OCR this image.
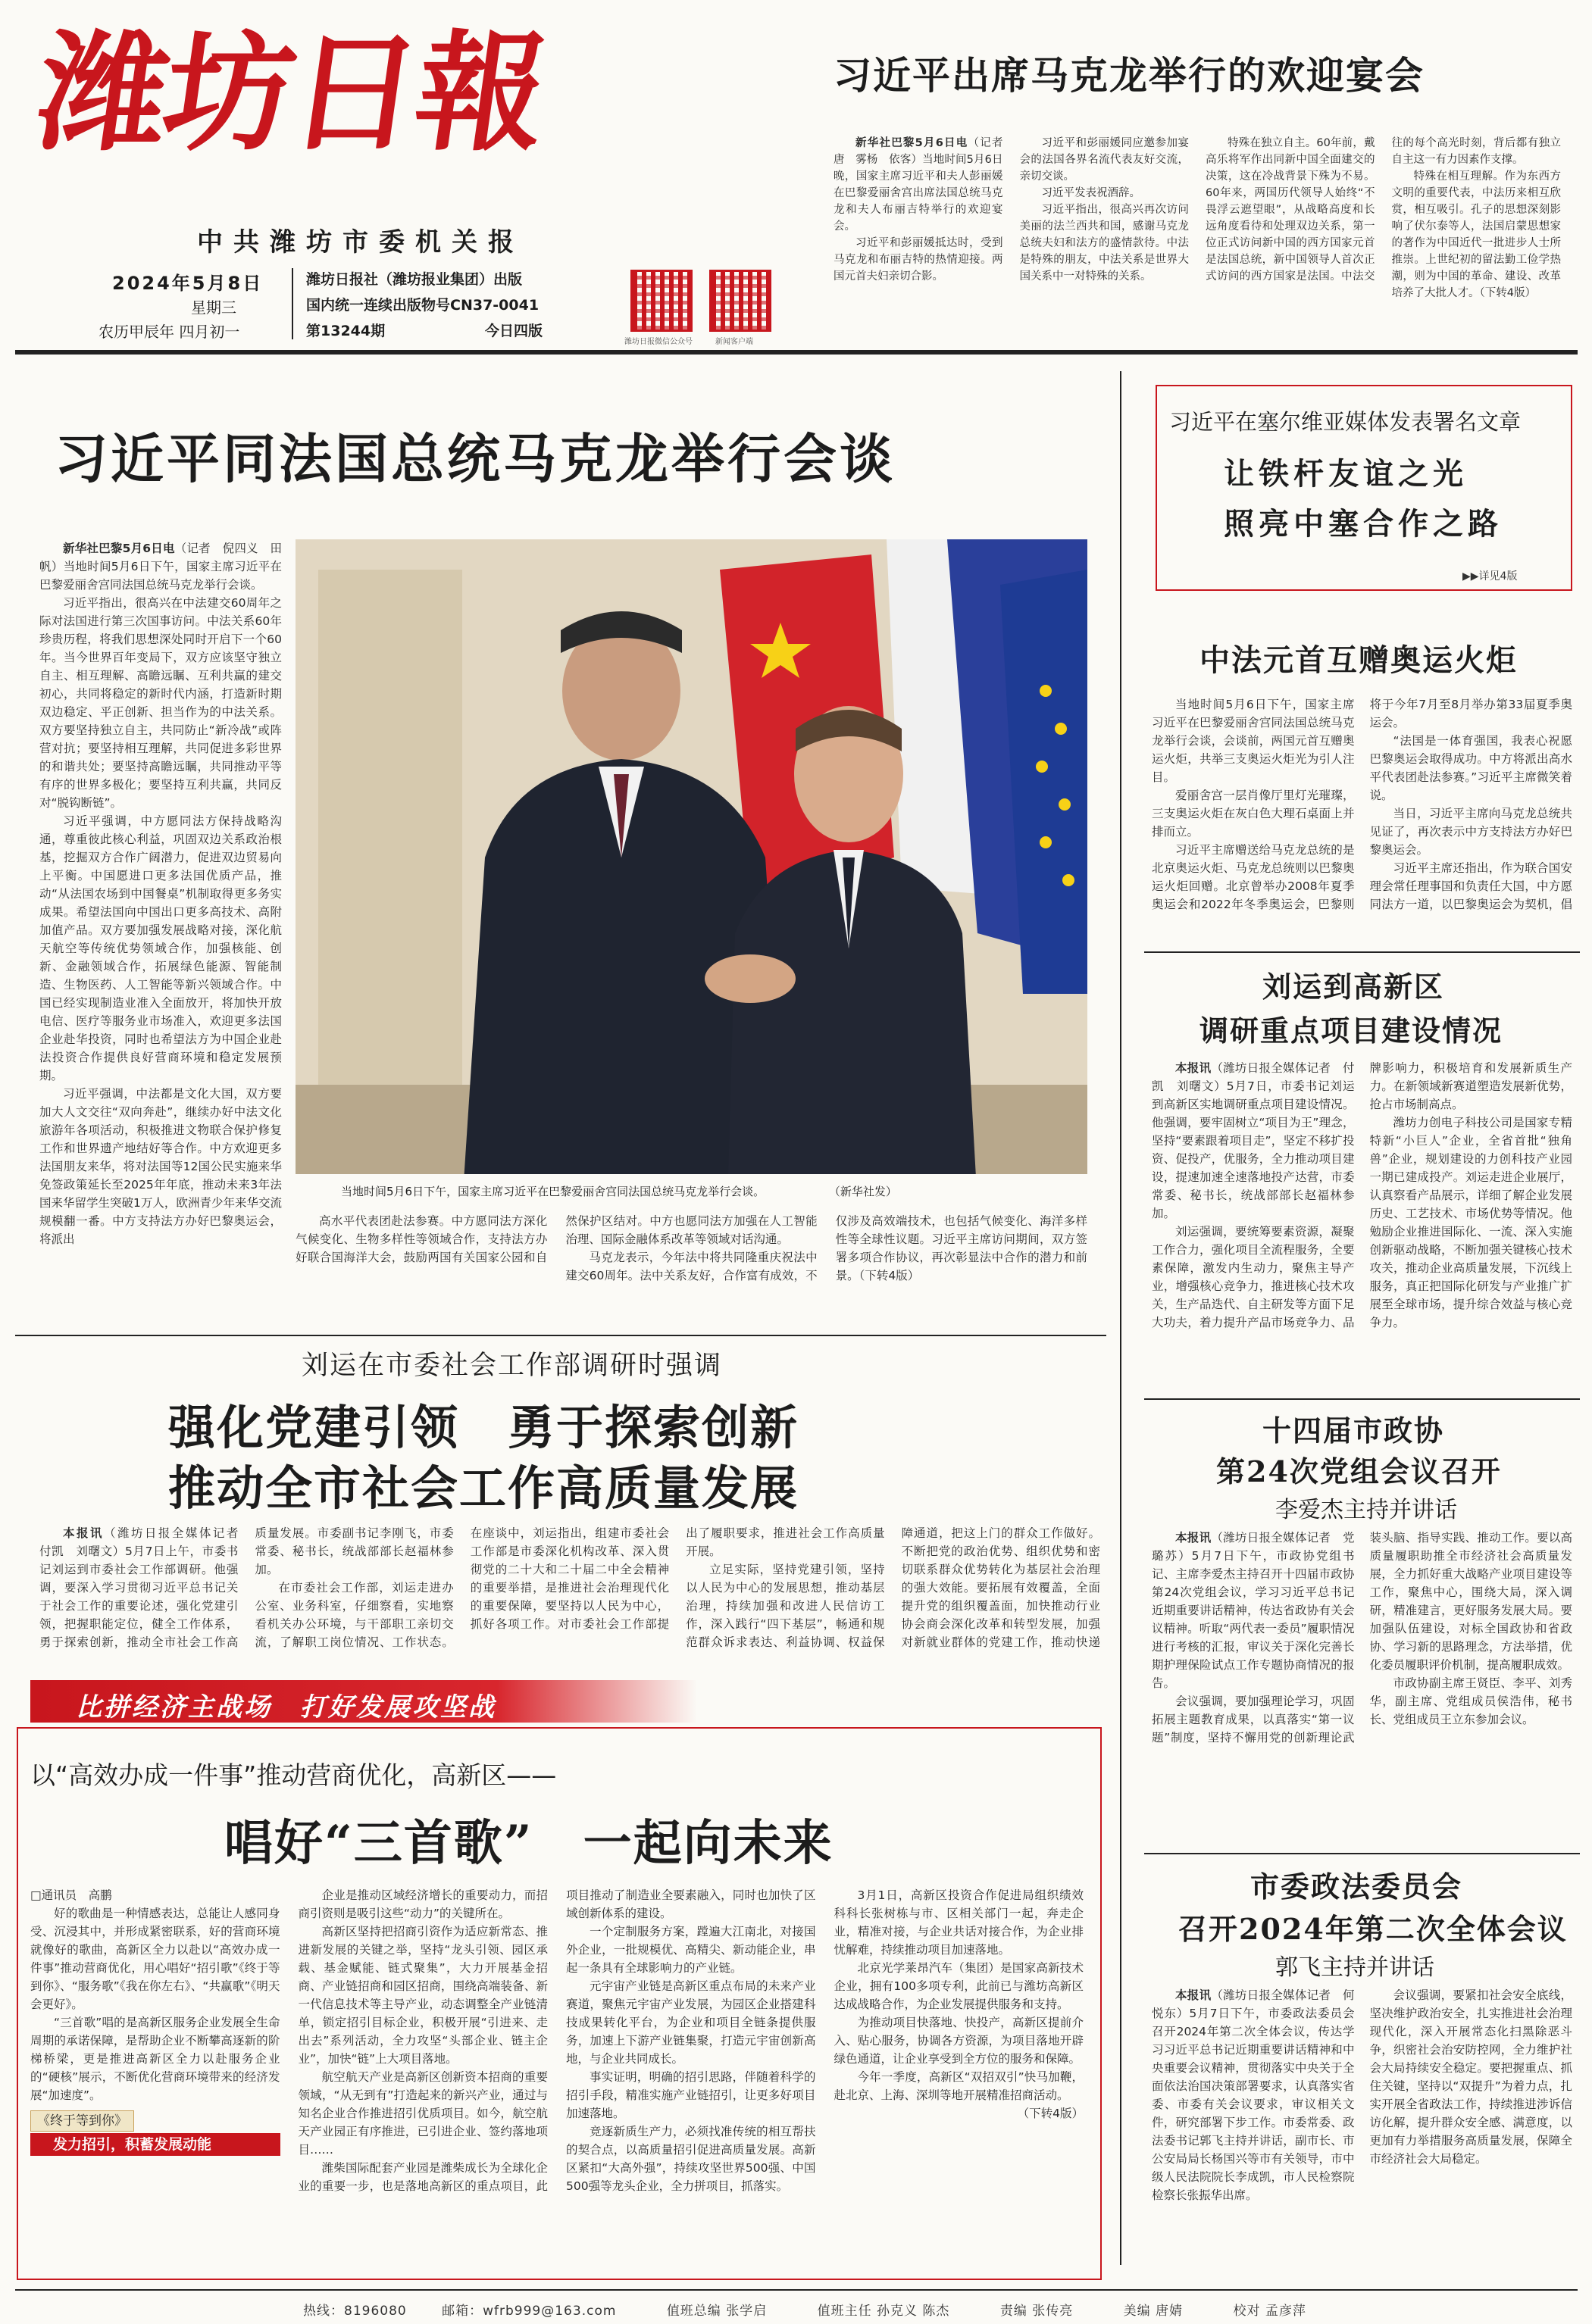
潍坊日報
中共潍坊市委机关报
2024年5月8日
星期三
农历甲辰年 四月初一
潍坊日报社（潍坊报业集团）出版
国内统一连续出版物号CN37-0041
第13244期	今日四版
潍坊日报微信公众号	新闻客户端
习近平出席马克龙举行的欢迎宴会

新华社巴黎5月6日电（记者　唐　雾杨　依客）当地时间5月6日晚，国家主席习近平和夫人彭丽媛在巴黎爱丽舍宫出席法国总统马克龙和夫人布丽吉特举行的欢迎宴会。

习近平和彭丽媛抵达时，受到马克龙和布丽吉特的热情迎接。两国元首夫妇亲切合影。

习近平和彭丽媛同应邀参加宴会的法国各界名流代表友好交流，亲切交谈。

习近平发表祝酒辞。

习近平指出，很高兴再次访问美丽的法兰西共和国，感谢马克龙总统夫妇和法方的盛情款待。中法是特殊的朋友，中法关系是世界大国关系中一对特殊的关系。

特殊在独立自主。60年前，戴高乐将军作出同新中国全面建交的决策，这在冷战背景下殊为不易。60年来，两国历代领导人始终“不畏浮云遮望眼”，从战略高度和长远角度看待和处理双边关系，第一位正式访问新中国的西方国家元首是法国总统，新中国领导人首次正式访问的西方国家是法国。中法交往的每个高光时刻，背后都有独立自主这一有力因素作支撑。

特殊在相互理解。作为东西方文明的重要代表，中法历来相互欣赏，相互吸引。孔子的思想深刻影响了伏尔泰等人，法国启蒙思想家的著作为中国近代一批进步人士所推崇。上世纪初的留法勤工俭学热潮，则为中国的革命、建设、改革培养了大批人才。（下转4版）

习近平同法国总统马克龙举行会谈

新华社巴黎5月6日电（记者　倪四义　田帆）当地时间5月6日下午，国家主席习近平在巴黎爱丽舍宫同法国总统马克龙举行会谈。

习近平指出，很高兴在中法建交60周年之际对法国进行第三次国事访问。中法关系60年珍贵历程，将我们思想深处同时开启下一个60年。当今世界百年变局下，双方应该坚守独立自主、相互理解、高瞻远瞩、互利共赢的建交初心，共同将稳定的新时代内涵，打造新时期双边稳定、平正创新、担当作为的中法关系。双方要坚持独立自主，共同防止“新冷战”或阵营对抗；要坚持相互理解，共同促进多彩世界的和谐共处；要坚持高瞻远瞩，共同推动平等有序的世界多极化；要坚持互利共赢，共同反对“脱钩断链”。

习近平强调，中方愿同法方保持战略沟通，尊重彼此核心利益，巩固双边关系政治根基，挖掘双方合作广阔潜力，促进双边贸易向上平衡。中国愿进口更多法国优质产品，推动“从法国农场到中国餐桌”机制取得更多务实成果。希望法国向中国出口更多高技术、高附加值产品。双方要加强发展战略对接，深化航天航空等传统优势领域合作，加强核能、创新、金融领域合作，拓展绿色能源、智能制造、生物医药、人工智能等新兴领域合作。中国已经实现制造业准入全面放开，将加快开放电信、医疗等服务业市场准入，欢迎更多法国企业赴华投资，同时也希望法方为中国企业赴法投资合作提供良好营商环境和稳定发展预期。

习近平强调，中法都是文化大国，双方要加大人文交往“双向奔赴”，继续办好中法文化旅游年各项活动，积极推进文物联合保护修复工作和世界遗产地结好等合作。中方欢迎更多法国朋友来华，将对法国等12国公民实施来华免签政策延长至2025年年底，推动未来3年法国来华留学生突破1万人，欧洲青少年来华交流规模翻一番。中方支持法方办好巴黎奥运会，将派出

当地时间5月6日下午，国家主席习近平在巴黎爱丽舍宫同法国总统马克龙举行会谈。	（新华社发）

高水平代表团赴法参赛。中方愿同法方深化气候变化、生物多样性等领域合作，支持法方办好联合国海洋大会，鼓励两国有关国家公园和自然保护区结对。中方也愿同法方加强在人工智能治理、国际金融体系改革等领域对话沟通。

马克龙表示，今年法中将共同隆重庆祝法中建交60周年。法中关系友好，合作富有成效，不仅涉及高效端技术，也包括气候变化、海洋多样性等全球性议题。习近平主席访问期间，双方签署多项合作协议，再次彰显法中合作的潜力和前景。（下转4版）

刘运在市委社会工作部调研时强调
强化党建引领　勇于探索创新
推动全市社会工作高质量发展

本报讯（潍坊日报全媒体记者　付凯　刘曙文）5月7日上午，市委书记刘运到市委社会工作部调研。他强调，要深入学习贯彻习近平总书记关于社会工作的重要论述，强化党建引领，把握职能定位，健全工作体系，勇于探索创新，推动全市社会工作高质量发展。市委副书记李刚飞，市委常委、秘书长，统战部部长赵福林参加。

在市委社会工作部，刘运走进办公室、业务科室，仔细察看，实地察看机关办公环境，与干部职工亲切交流，了解职工岗位情况、工作状态。在座谈中，刘运指出，组建市委社会工作部是市委深化机构改革、深入贯彻党的二十大和二十届二中全会精神的重要举措，是推进社会治理现代化的重要保障，要坚持以人民为中心，抓好各项工作。对市委社会工作部提出了履职要求，推进社会工作高质量开展。

立足实际，坚持党建引领，坚持以人民为中心的发展思想，推动基层治理，持续加强和改进人民信访工作，深入践行“四下基层”，畅通和规范群众诉求表达、利益协调、权益保障通道，把这上门的群众工作做好。不断把党的政治优势、组织优势和密切联系群众优势转化为基层社会治理的强大效能。要拓展有效覆盖，全面提升党的组织覆盖面，加快推动行业协会商会深化改革和转型发展，加强对新就业群体的党建工作，推动快递

比拼经济主战场　打好发展攻坚战
以“高效办成一件事”推动营商优化，高新区——
唱好“三首歌”　一起向未来

□通讯员　高鹏

好的歌曲是一种情感表达，总能让人感同身受、沉浸其中，并形成紧密联系，好的营商环境就像好的歌曲，高新区全力以赴以“高效办成一件事”推动营商优化，用心唱好“招引歌”《终于等到你》、“服务歌”《我在你左右》、“共赢歌”《明天会更好》。

“三首歌”唱的是高新区服务企业发展全生命周期的承诺保障，是帮助企业不断攀高逐新的阶梯桥梁，更是推进高新区全力以赴服务企业的“硬核”展示，不断优化营商环境带来的经济发展“加速度”。

《终于等到你》
发力招引，积蓄发展动能

企业是推动区域经济增长的重要动力，而招商引资则是吸引这些“动力”的关键所在。

高新区坚持把招商引资作为适应新常态、推进新发展的关键之举，坚持“龙头引领、园区承载、基金赋能、链式聚集”，大力开展基金招商、产业链招商和园区招商，围绕高端装备、新一代信息技术等主导产业，动态调整全产业链清单，锁定招引目标企业，积极开展“引进来、走出去”系列活动，全力攻坚“头部企业、链主企业”，加快“链”上大项目落地。

航空航天产业是高新区创新资本招商的重要领域，“从无到有”打造起来的新兴产业，通过与知名企业合作推进招引优质项目。如今，航空航天产业园正有序推进，已引进企业、签约落地项目……

潍柴国际配套产业园是潍柴成长为全球化企业的重要一步，也是落地高新区的重点项目，此项目推动了制造业全要素融入，同时也加快了区域创新体系的建设。

一个定制服务方案，蹚遍大江南北，对接国外企业，一批规模优、高精尖、新动能企业，串起一条具有全球影响力的产业链。

元宇宙产业链是高新区重点布局的未来产业赛道，聚焦元宇宙产业发展，为园区企业搭建科技成果转化平台，为企业和项目全链条提供服务，加速上下游产业链集聚，打造元宇宙创新高地，与企业共同成长。

事实证明，明确的招引思路，伴随着科学的招引手段，精准实施产业链招引，让更多好项目加速落地。

竞逐新质生产力，必须找准传统的相互帮扶的契合点，以高质量招引促进高质量发展。高新区紧扣“大高外强”，持续攻坚世界500强、中国500强等龙头企业，全力拼项目，抓落实。

3月1日，高新区投资合作促进局组织绩效科科长张树栋与市、区相关部门一起，奔走企业，精准对接，与企业共话对接合作，为企业排忧解难，持续推动项目加速落地。

北京光学莱昂汽车（集团）是国家高新技术企业，拥有100多项专利，此前已与潍坊高新区达成战略合作，为企业发展提供服务和支持。

为推动项目快落地、快投产，高新区提前介入、贴心服务，协调各方资源，为项目落地开辟绿色通道，让企业享受到全方位的服务和保障。

今年一季度，高新区“双招双引”快马加鞭，赴北京、上海、深圳等地开展精准招商活动。

（下转4版）

习近平在塞尔维亚媒体发表署名文章
让铁杆友谊之光
照亮中塞合作之路
▶▶详见4版
中法元首互赠奥运火炬

当地时间5月6日下午，国家主席习近平在巴黎爱丽舍宫同法国总统马克龙举行会谈，会谈前，两国元首互赠奥运火炬，共举三支奥运火炬光为引人注目。

爱丽舍宫一层肖像厅里灯光璀璨，三支奥运火炬在灰白色大理石桌面上并排而立。

习近平主席赠送给马克龙总统的是北京奥运火炬、马克龙总统则以巴黎奥运火炬回赠。北京曾举办2008年夏季奥运会和2022年冬季奥运会，巴黎则将于今年7月至8月举办第33届夏季奥运会。

“法国是一体育强国，我表心祝愿巴黎奥运会取得成功。中方将派出高水平代表团赴法参赛。”习近平主席微笑着说。

当日，习近平主席向马克龙总统共见证了，再次表示中方支持法方办好巴黎奥运会。

习近平主席还指出，作为联合国安理会常任理事国和负责任大国，中方愿同法方一道，以巴黎奥运会为契机，倡

刘运到高新区
调研重点项目建设情况

本报讯（潍坊日报全媒体记者　付凯　刘曙文）5月7日，市委书记刘运到高新区实地调研重点项目建设情况。他强调，要牢固树立“项目为王”理念，坚持“要素跟着项目走”，坚定不移扩投资、促投产，优服务，全力推动项目建设，提速加速全速落地投产达营，市委常委、秘书长，统战部部长赵福林参加。

刘运强调，要统筹要素资源，凝聚工作合力，强化项目全流程服务，全要素保障，激发内生动力，聚焦主导产业，增强核心竞争力，推进核心技术攻关，生产品迭代、自主研发等方面下足大功夫，着力提升产品市场竞争力、品牌影响力，积极培育和发展新质生产力。在新领域新赛道塑造发展新优势，抢占市场制高点。

潍坊力创电子科技公司是国家专精特新“小巨人”企业，全省首批“独角兽”企业，规划建设的力创科技产业园一期已建成投产。刘运走进企业展厅，认真察看产品展示，详细了解企业发展历史、工艺技术、市场优势等情况。他勉励企业推进国际化、一流、深入实施创新驱动战略，不断加强关键核心技术攻关，推动企业高质量发展，下沉线上服务，真正把国际化研发与产业推广扩展至全球市场，提升综合效益与核心竞争力。

十四届市政协
第24次党组会议召开
李爱杰主持并讲话

本报讯（潍坊日报全媒体记者　党璐苏）5月7日下午，市政协党组书记、主席李爱杰主持召开十四届市政协第24次党组会议，学习习近平总书记近期重要讲话精神，传达省政协有关会议精神。听取“两代表一委员”履职情况进行考核的汇报，审议关于深化完善长期护理保险试点工作专题协商情况的报告。

会议强调，要加强理论学习，巩固拓展主题教育成果，以真落实“第一议题”制度，坚持不懈用党的创新理论武装头脑、指导实践、推动工作。要以高质量履职助推全市经济社会高质量发展，全力抓好重大战略产业项目建设等工作，聚焦中心，围绕大局，深入调研，精准建言，更好服务发展大局。要加强队伍建设，对标全国政协和省政协、学习新的思路理念，方法举措，优化委员履职评价机制，提高履职成效。

市政协副主席王贤臣、李平、刘秀华，副主席、党组成员侯浩伟，秘书长、党组成员王立东参加会议。

市委政法委员会
召开2024年第二次全体会议
郭飞主持并讲话

本报讯（潍坊日报全媒体记者　何悦东）5月7日下午，市委政法委员会召开2024年第二次全体会议，传达学习习近平总书记近期重要讲话精神和中央重要会议精神，贯彻落实中央关于全面依法治国决策部署要求，认真落实省委、市委有关会议要求，审议相关文件，研究部署下步工作。市委常委、政法委书记郭飞主持并讲话，副市长、市公安局局长杨国兴等市有关领导，市中级人民法院院长李成凯，市人民检察院检察长张振华出席。

会议强调，要紧扣社会安全底线，坚决维护政治安全，扎实推进社会治理现代化，深入开展常态化扫黑除恶斗争，织密社会治安防控网，全力维护社会大局持续安全稳定。要把握重点、抓住关键，坚持以“双提升”为着力点，扎实开展全省政法工作，持续推进涉诉信访化解，提升群众安全感、满意度，以更加有力举措服务高质量发展，保障全市经济社会大局稳定。

热线：8196080	邮箱：wfrb999@163.com	值班总编 张学启	值班主任 孙克义 陈杰	责编 张传亮	美编 唐婧	校对 孟彦萍
